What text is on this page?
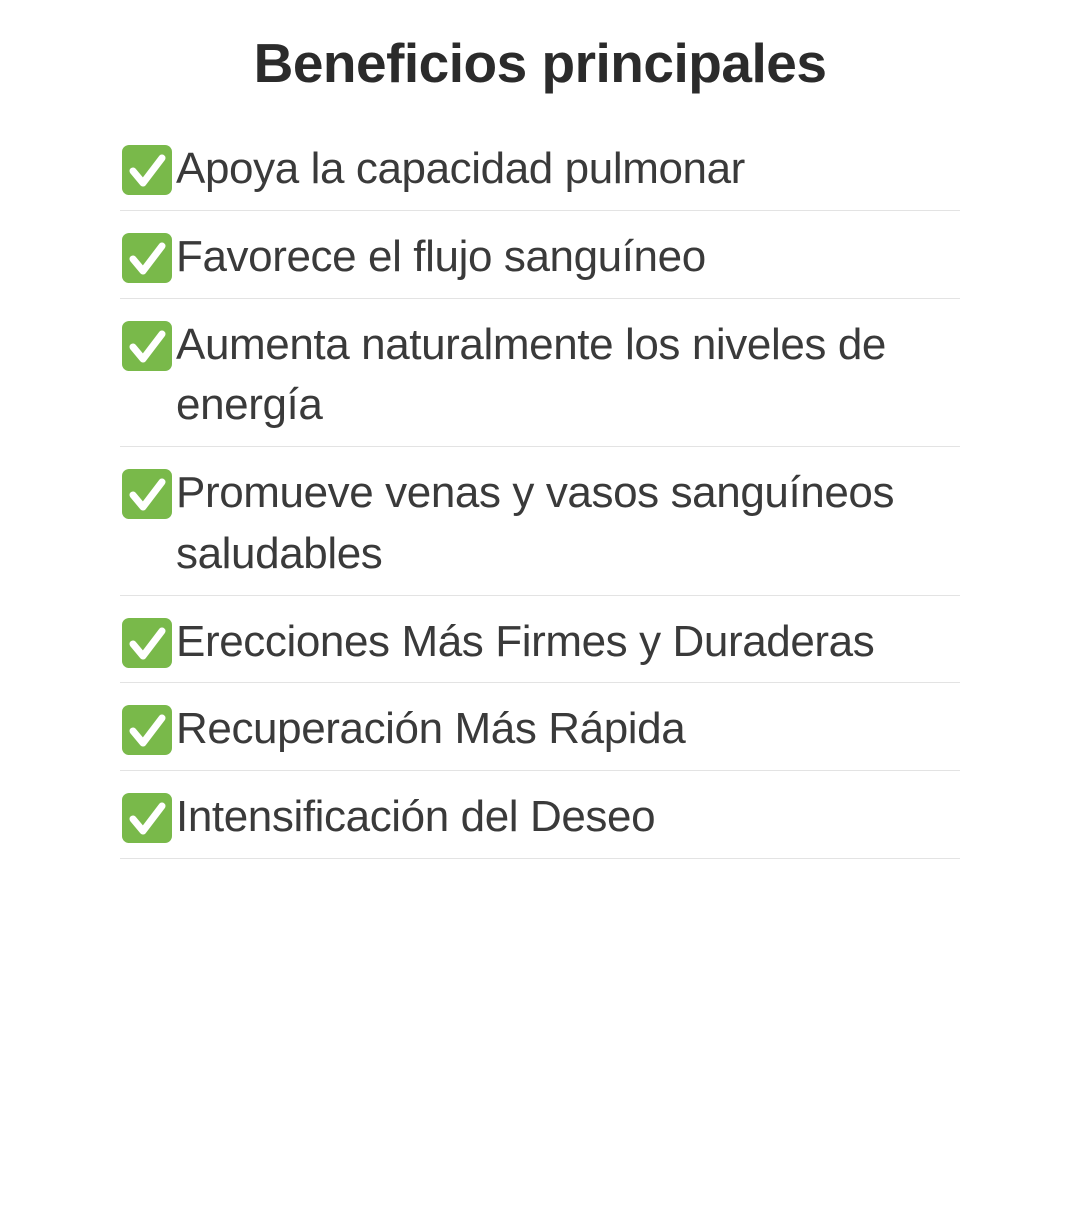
Beneficios principales
Apoya la capacidad pulmonar
Favorece el flujo sanguíneo
Aumenta naturalmente los niveles de energía
Promueve venas y vasos sanguíneos saludables
Erecciones Más Firmes y Duraderas
Recuperación Más Rápida
Intensificación del Deseo
